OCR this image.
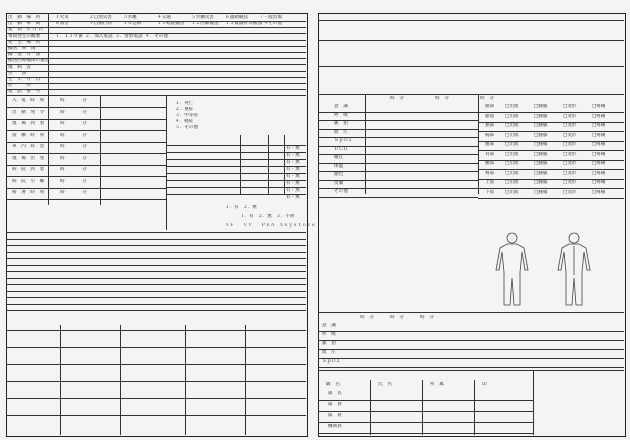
出　動　場　所
出　動　車　両
覚　知　年 月 日
事故発生の概要
発　生　場　所
搬送　車　両
搬　送　方　法
搬送医療機関の選定
傷　病　者
性　　別
生　年　月　日
住　　　所
電　話　番　号
１火災	２自然災害 ３水難	４交通	５労働災害 ６運動競技 ７一般負傷
８加害	９自損行為 １０急病	１１転院搬送 １２医師搬送 １３資器材等搬送
１４その他
１．１１９番 ２．加入電話 ３．警察電話 ４．その他
入　電　時　刻	時	分
出　動　発　令	時	分
現　場　到　着	時	分
接　触　時　刻	時	分
車　内　収　容	時	分
現　場　出　発	時	分
病　院　到　着	時	分
病　院　引　継	時	分
帰　署　時　刻	時	分
１．死亡
２．重症
３．中等症
４．軽症
５．その他
ＶＦ ＶＴ ＰＥＡ Ａｓｙｓｔｏｌｅ
１．有 ２．無
１．有 ２．無 ３．不明
有・無
有・無
有・無
有・無
有・無
有・無
有・無
有・無
時　分	時　分	時　分
意　識
呼　吸
脈　拍
血　圧
ＳｐＯ２
ＥＣＧ
瞳孔
体温
顔色
皮膚
その他
頭部 □出血	□腫脹	□変形	□疼痛
顔面 □出血	□腫脹	□変形	□疼痛
頚部 □出血	□腫脹	□変形	□疼痛
胸部 □出血	□腫脹	□変形	□疼痛
腹部 □出血	□腫脹	□変形	□疼痛
背部 □出血	□腫脹	□変形	□疼痛
腰部 □出血	□腫脹	□変形	□疼痛
臀部 □出血	□腫脹	□変形	□疼痛
上肢 □出血	□腫脹	□変形	□疼痛
下肢 □出血	□腫脹	□変形	□疼痛
時　分	時　分	時　分
意　識
呼　吸
脈　拍
血　圧
ＳｐＯ２
職　名	氏　名	所　属	印
隊　長
隊　員
隊　員
機関員
